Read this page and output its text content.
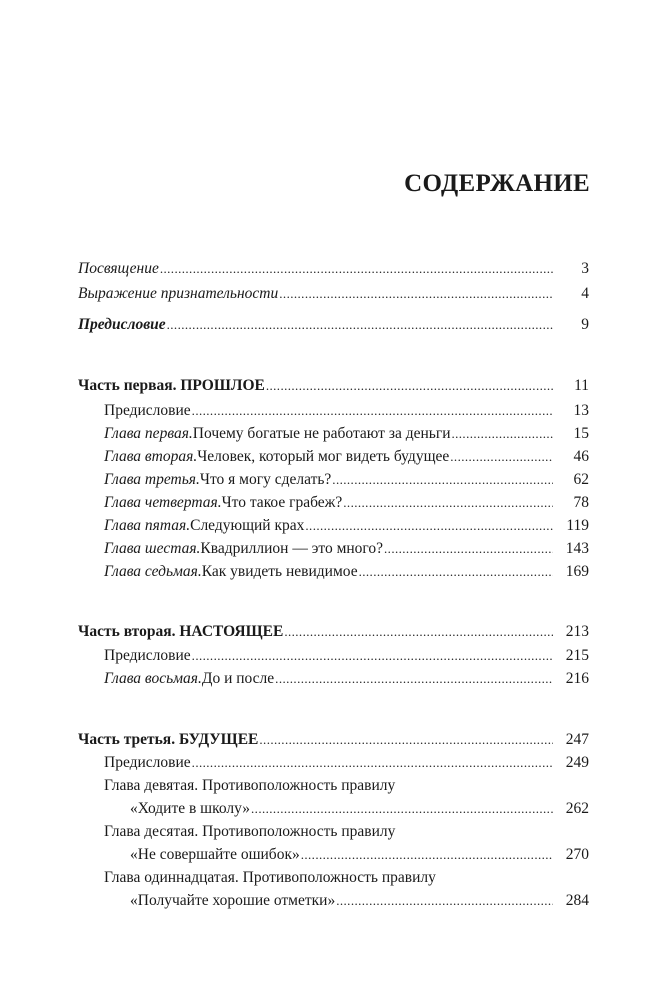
СОДЕРЖАНИЕ
Посвящение .....	3
Выражение признательности .....	4
Предисловие .....	9
Часть первая. ПРОШЛОЕ .....	11
Предисловие .....	13
Глава первая. Почему богатые не работают за деньги .....	15
Глава вторая. Человек, который мог видеть будущее .....	46
Глава третья. Что я могу сделать? .....	62
Глава четвертая. Что такое грабеж? .....	78
Глава пятая. Следующий крах .....	119
Глава шестая. Квадриллион — это много? .....	143
Глава седьмая. Как увидеть невидимое .....	169
Часть вторая. НАСТОЯЩЕЕ .....	213
Предисловие .....	215
Глава восьмая. До и после .....	216
Часть третья. БУДУЩЕЕ .....	247
Предисловие .....	249
Глава девятая. Противоположность правилу
«Ходите в школу» .....	262
Глава десятая. Противоположность правилу
«Не совершайте ошибок» .....	270
Глава одиннадцатая. Противоположность правилу
«Получайте хорошие отметки» .....	284
